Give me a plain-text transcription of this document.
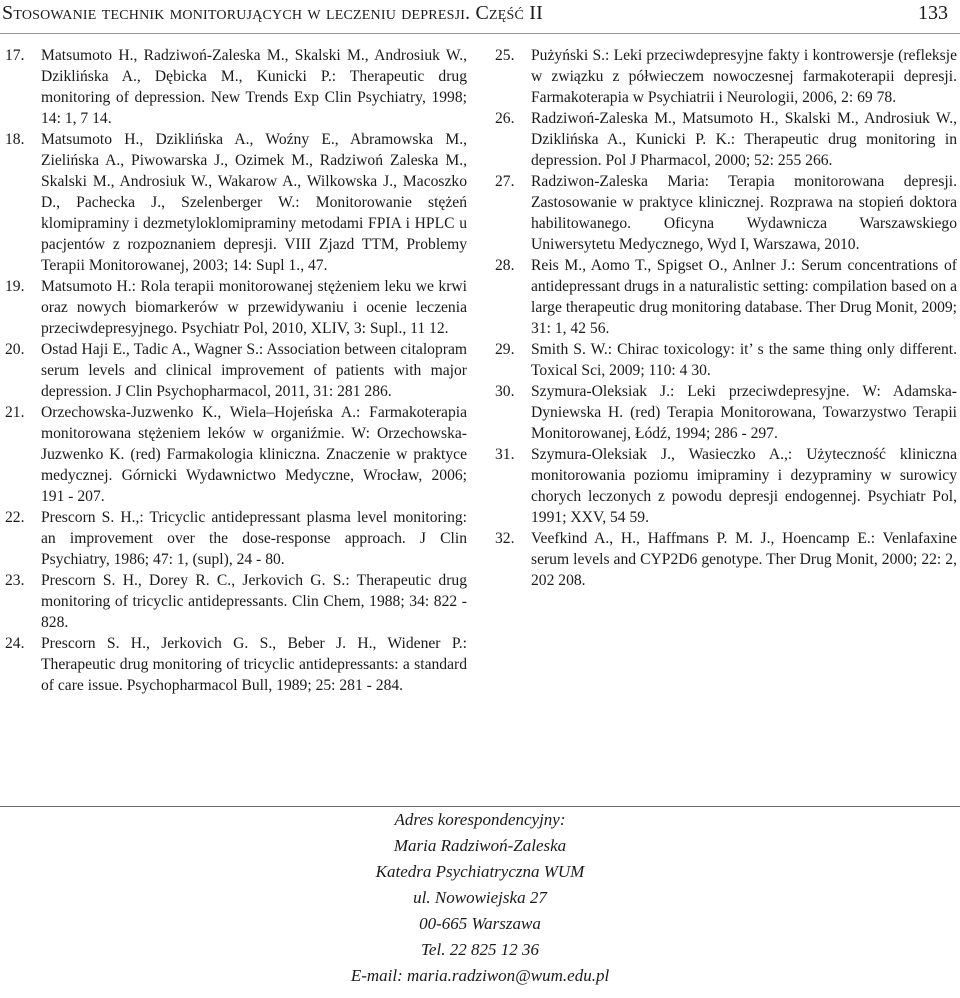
Stosowanie technik monitorujących w leczeniu depresji. Część II	133

17. Matsumoto H., Radziwoń-Zaleska M., Skalski M., Androsiuk W., Dziklińska A., Dębicka M., Kunicki P.: Therapeutic drug monitoring of depression. New Trends Exp Clin Psychiatry, 1998; 14: 1, 7 14.

18. Matsumoto H., Dziklińska A., Woźny E., Abramowska M., Zielińska A., Piwowarska J., Ozimek M., Radziwoń Zaleska M., Skalski M., Androsiuk W., Wakarow A., Wilkowska J., Macoszko D., Pachecka J., Szelenberger W.: Monitorowanie stężeń klomipraminy i dezmetyloklomipraminy metodami FPIA i HPLC u pacjentów z rozpoznaniem depresji. VIII Zjazd TTM, Problemy Terapii Monitorowanej, 2003; 14: Supl 1., 47.

19. Matsumoto H.: Rola terapii monitorowanej stężeniem leku we krwi oraz nowych biomarkerów w przewidywaniu i ocenie leczenia przeciwdepresyjnego. Psychiatr Pol, 2010, XLIV, 3: Supl., 11 12.

20. Ostad Haji E., Tadic A., Wagner S.: Association between citalopram serum levels and clinical improvement of patients with major depression. J Clin Psychopharmacol, 2011, 31: 281 286.

21. Orzechowska-Juzwenko K., Wiela–Hojeńska A.: Farmakoterapia monitorowana stężeniem leków w organiźmie. W: Orzechowska-Juzwenko K. (red) Farmakologia kliniczna. Znaczenie w praktyce medycznej. Górnicki Wydawnictwo Medyczne, Wrocław, 2006; 191 - 207.

22. Prescorn S. H.,: Tricyclic antidepressant plasma level monitoring: an improvement over the dose-response approach. J Clin Psychiatry, 1986; 47: 1, (supl), 24 - 80.

23. Prescorn S. H., Dorey R. C., Jerkovich G. S.: Therapeutic drug monitoring of tricyclic antidepressants. Clin Chem, 1988; 34: 822 - 828.

24. Prescorn S. H., Jerkovich G. S., Beber J. H., Widener P.: Therapeutic drug monitoring of tricyclic antidepressants: a standard of care issue. Psychopharmacol Bull, 1989; 25: 281 - 284.

25. Pużyński S.: Leki przeciwdepresyjne fakty i kontrowersje (refleksje w związku z półwieczem nowoczesnej farmakoterapii depresji. Farmakoterapia w Psychiatrii i Neurologii, 2006, 2: 69 78.

26. Radziwoń-Zaleska M., Matsumoto H., Skalski M., Androsiuk W., Dziklińska A., Kunicki P. K.: Therapeutic drug monitoring in depression. Pol J Pharmacol, 2000; 52: 255 266.

27. Radziwon-Zaleska Maria: Terapia monitorowana depresji. Zastosowanie w praktyce klinicznej. Rozprawa na stopień doktora habilitowanego. Oficyna Wydawnicza Warszawskiego Uniwersytetu Medycznego, Wyd I, Warszawa, 2010.

28. Reis M., Aomo T., Spigset O., Anlner J.: Serum concentrations of antidepressant drugs in a naturalistic setting: compilation based on a large therapeutic drug monitoring database. Ther Drug Monit, 2009; 31: 1, 42 56.

29. Smith S. W.: Chirac toxicology: it’ s the same thing only different. Toxical Sci, 2009; 110: 4 30.

30. Szymura-Oleksiak J.: Leki przeciwdepresyjne. W: Adamska-Dyniewska H. (red) Terapia Monitorowana, Towarzystwo Terapii Monitorowanej, Łódź, 1994; 286 - 297.

31. Szymura-Oleksiak J., Wasieczko A.,: Użyteczność kliniczna monitorowania poziomu imipraminy i dezypraminy w surowicy chorych leczonych z powodu depresji endogennej. Psychiatr Pol, 1991; XXV, 54 59.

32. Veefkind A., H., Haffmans P. M. J., Hoencamp E.: Venlafaxine serum levels and CYP2D6 genotype. Ther Drug Monit, 2000; 22: 2, 202 208.

Adres korespondencyjny:
Maria Radziwoń-Zaleska
Katedra Psychiatryczna WUM
ul. Nowowiejska 27
00-665 Warszawa
Tel. 22 825 12 36
E-mail: maria.radziwon@wum.edu.pl
